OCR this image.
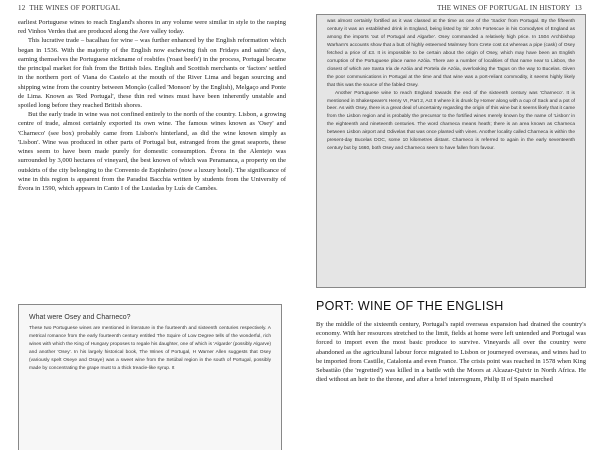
12 THE WINES OF PORTUGAL

earliest Portuguese wines to reach England's shores in any volume were similar in style to the rasping red Vinhos Verdes that are produced along the Ave valley today.

This lucrative trade – bacalhau for wine – was further enhanced by the English reformation which began in 1536. With the majority of the English now eschewing fish on Fridays and saints' days, earning themselves the Portuguese nickname of rosbifes ('roast beefs') in the process, Portugal became the principal market for fish from the British Isles. English and Scottish merchants or 'factors' settled in the northern port of Viana do Castelo at the mouth of the River Lima and began sourcing and shipping wine from the country between Monção (called 'Monson' by the English), Melgaço and Ponte de Lima. Known as 'Red Portugal', these thin red wines must have been inherently unstable and spoiled long before they reached British shores.

But the early trade in wine was not confined entirely to the north of the country. Lisbon, a growing centre of trade, almost certainly exported its own wine. The famous wines known as 'Osey' and 'Charneco' (see box) probably came from Lisbon's hinterland, as did the wine known simply as 'Lisbon'. Wine was produced in other parts of Portugal but, estranged from the great seaports, these wines seem to have been made purely for domestic consumption. Évora in the Alentejo was surrounded by 3,000 hectares of vineyard, the best known of which was Peramanca, a property on the outskirts of the city belonging to the Convento de Espinheiro (now a luxury hotel). The significance of wine in this region is apparent from the Paradisi Bacchia written by students from the University of Évora in 1590, which appears in Canto I of the Lusiadas by Luís de Camões.

What were Osey and Charneco?
These two Portuguese wines are mentioned in literature in the fourteenth and sixteenth centuries respectively. A metrical romance from the early fourteenth century entitled The Squire of Low Degree tells of the wonderful, rich wines with which the King of Hungary proposes to regale his daughter, one of which is 'Algarde' (possibly Algarve) and another 'Osey'. In his largely historical book, The Wines of Portugal, H Warner Allen suggests that Osey (variously spelt Oseye and Osaye) was a sweet wine from the Setúbal region in the south of Portugal, possibly made by concentrating the grape must to a thick treacle-like syrup. It
THE WINES OF PORTUGAL IN HISTORY 13

was almost certainly fortified as it was classed at the time as one of the 'Sacks' from Portugal. By the fifteenth century it was an established drink in England, being listed by Sir John Fortescue in his Comodytes of England as among the imports 'out of Portugal and Algarbe'. Osey commanded a relatively high price. In 1504 Archbishop Warham's accounts show that a butt of highly esteemed Malmsey from Crete cost £4 whereas a pipe (cask) of Osey fetched a price of £3. It is impossible to be certain about the origin of Osey, which may have been an English corruption of the Portuguese place name Azóia. There are a number of localities of that name near to Lisbon, the closest of which are Santa Iria de Azóia and Portela de Azóia, overlooking the Tagus on the way to Bucelas. Given the poor communications in Portugal at the time and that wine was a port-reliant commodity, it seems highly likely that this was the source of the fabled Osey.

Another Portuguese wine to reach England towards the end of the sixteenth century was 'Charneco'. It is mentioned in Shakespeare's Henry VI, Part 2, Act II where it is drunk by Homer along with a cup of Sack and a pot of beer. As with Osey, there is a great deal of uncertainty regarding the origin of this wine but it seems likely that it came from the Lisbon region and is probably the precursor to the fortified wines merely known by the name of 'Lisbon' in the eighteenth and nineteenth centuries. The word charneca means heath; there is an area known as Charneca between Lisbon airport and Odivelas that was once planted with vines. Another locality called Charneca is within the present-day Bucelas DOC, some 10 kilometres distant. Charneco is referred to again in the early seventeenth century but by 1660, both Osey and Charneco seem to have fallen from favour.

PORT: WINE OF THE ENGLISH

By the middle of the sixteenth century, Portugal's rapid overseas expansion had drained the country's economy. With her resources stretched to the limit, fields at home were left untended and Portugal was forced to import even the most basic produce to survive. Vineyards all over the country were abandoned as the agricultural labour force migrated to Lisbon or journeyed overseas, and wines had to be imported from Castille, Catalonia and even France. The crisis point was reached in 1578 when King Sebastião (the 'regretted') was killed in a battle with the Moors at Alcazar-Quivir in North Africa. He died without an heir to the throne, and after a brief interregnum, Philip II of Spain marched
